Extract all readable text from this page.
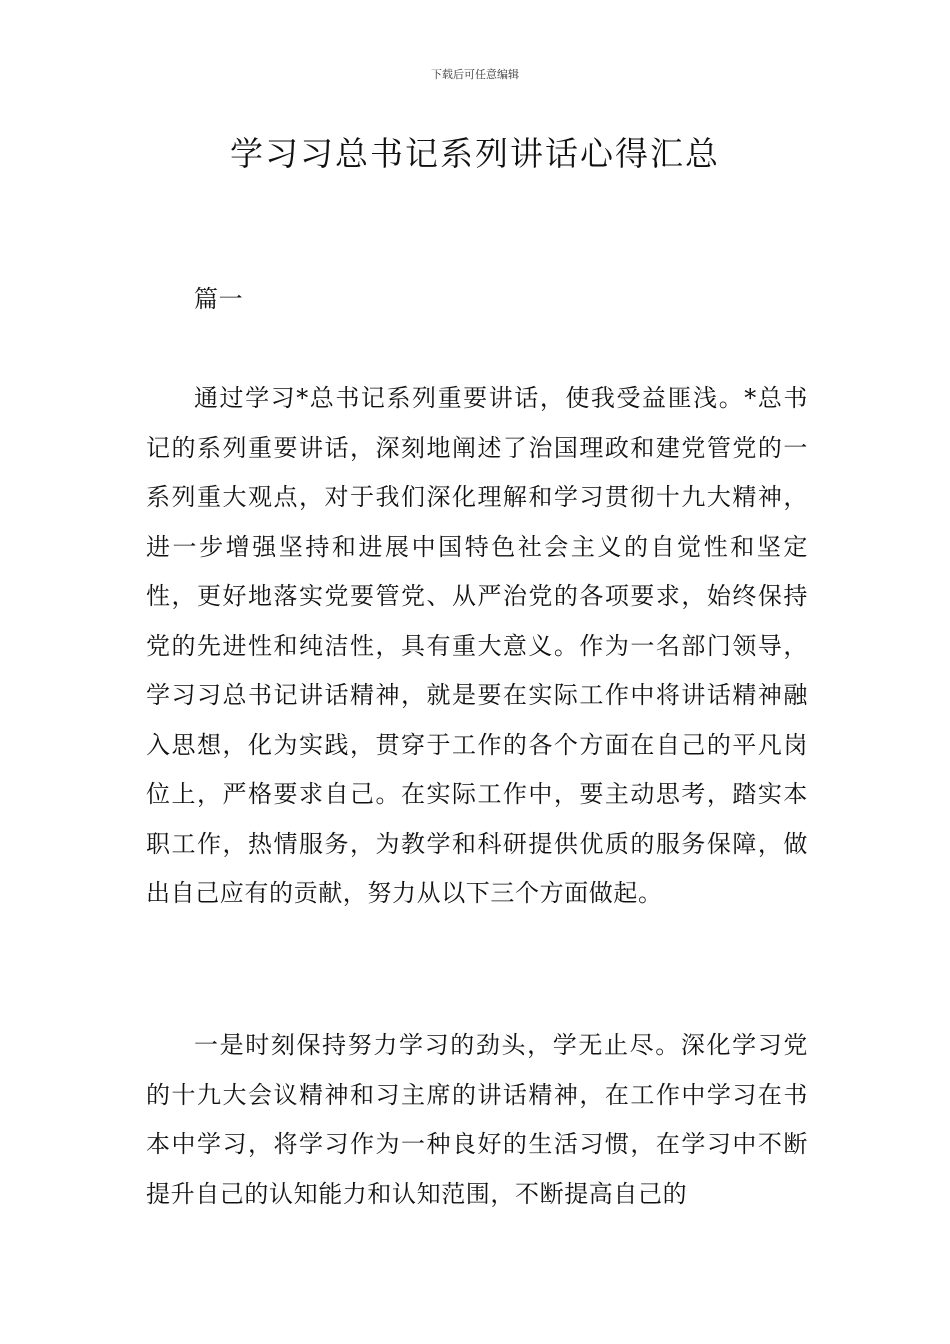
下载后可任意编辑
学习习总书记系列讲话心得汇总

篇一

通过学习*总书记系列重要讲话，使我受益匪浅。*总书记的系列重要讲话，深刻地阐述了治国理政和建党管党的一系列重大观点，对于我们深化理解和学习贯彻十九大精神，进一步增强坚持和进展中国特色社会主义的自觉性和坚定性，更好地落实党要管党、从严治党的各项要求，始终保持党的先进性和纯洁性，具有重大意义。作为一名部门领导，学习习总书记讲话精神，就是要在实际工作中将讲话精神融入思想，化为实践，贯穿于工作的各个方面在自己的平凡岗位上，严格要求自己。在实际工作中，要主动思考，踏实本职工作，热情服务，为教学和科研提供优质的服务保障，做出自己应有的贡献，努力从以下三个方面做起。

一是时刻保持努力学习的劲头，学无止尽。深化学习党的十九大会议精神和习主席的讲话精神，在工作中学习在书本中学习，将学习作为一种良好的生活习惯，在学习中不断提升自己的认知能力和认知范围，不断提高自己的
